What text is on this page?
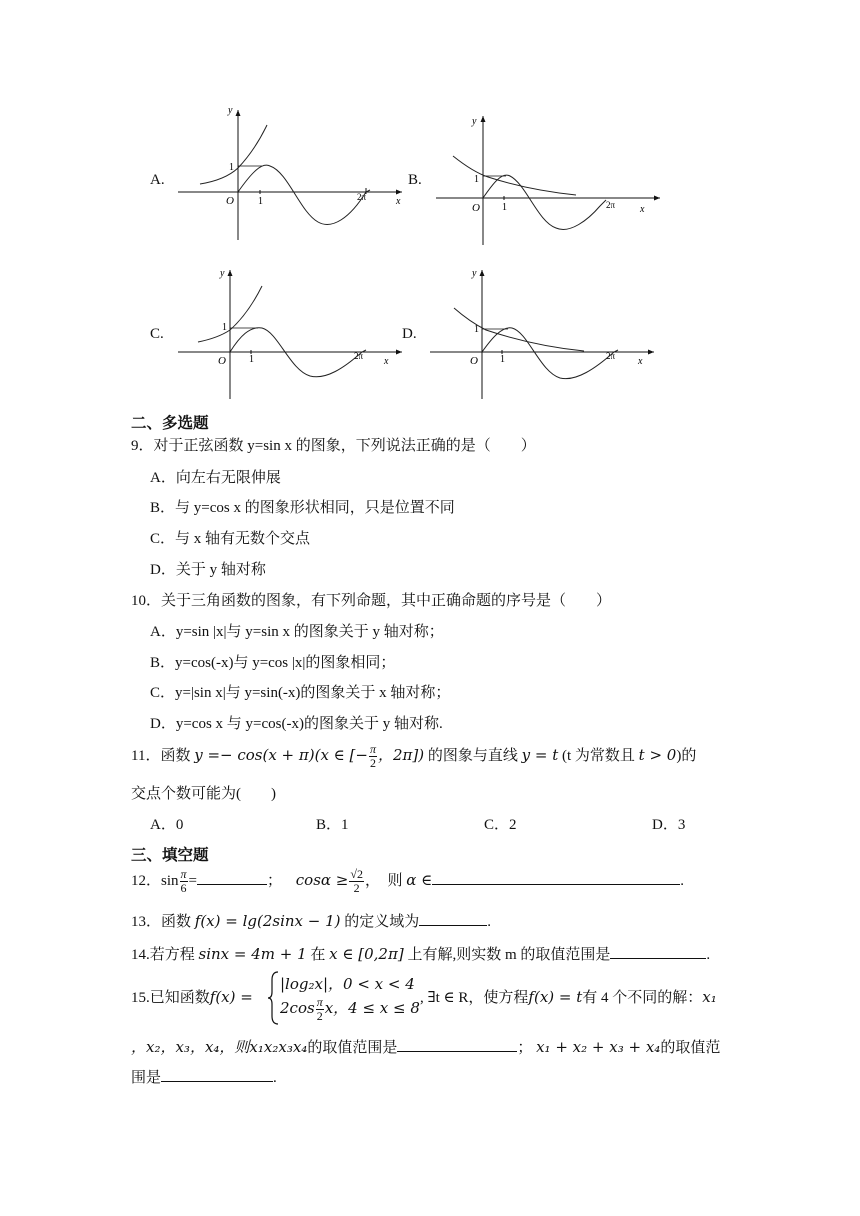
A.
y
x
O
1
1	2π
B.
y
x
O
1
1	2π
C.
y
x
O
1
1	2π
D.
y
x
O
1
1	2π
二、多选题
9．对于正弦函数 y=sin x 的图象，下列说法正确的是（　　）
A．向左右无限伸展
B．与 y=cos x 的图象形状相同，只是位置不同
C．与 x 轴有无数个交点
D．关于 y 轴对称
10．关于三角函数的图象，有下列命题，其中正确命题的序号是（　　）
A．y=sin |x|与 y=sin x 的图象关于 y 轴对称；
B．y=cos(-x)与 y=cos |x|的图象相同；
C．y=|sin x|与 y=sin(-x)的图象关于 x 轴对称；
D．y=cos x 与 y=cos(-x)的图象关于 y 轴对称.
11．函数 y =− cos(x + π)(x ∈ [− $\frac{\pi}{2}$ ，2π]) 的图象与直线 y = t (t 为常数且 t > 0)的
交点个数可能为(　　)
A．0	B．1	C．2	D．3
三、填空题
12．$\sin \frac{\pi}{6}$ =	； $\cos\alpha \ge \frac{√2}{2}$ ，　则 α ∈	.
13．函数 f(x) = lg(2sinx − 1) 的定义域为	.
14.若方程 sinx = 4m + 1 在 x ∈ [0,2π] 上有解,则实数 m 的取值范围是	.
15.已知函数f(x) =
|log₂x|，0 < x < 4
$2\cos \frac{\pi}{2}$ x，4 ≤ x ≤ 8
, ∃t ∈ R，使方程f(x) = t有 4 个不同的解：x₁
，x₂，x₃，x₄，则x₁x₂x₃x₄的取值范围是	； x₁ + x₂ + x₃ + x₄的取值范
围是	.
